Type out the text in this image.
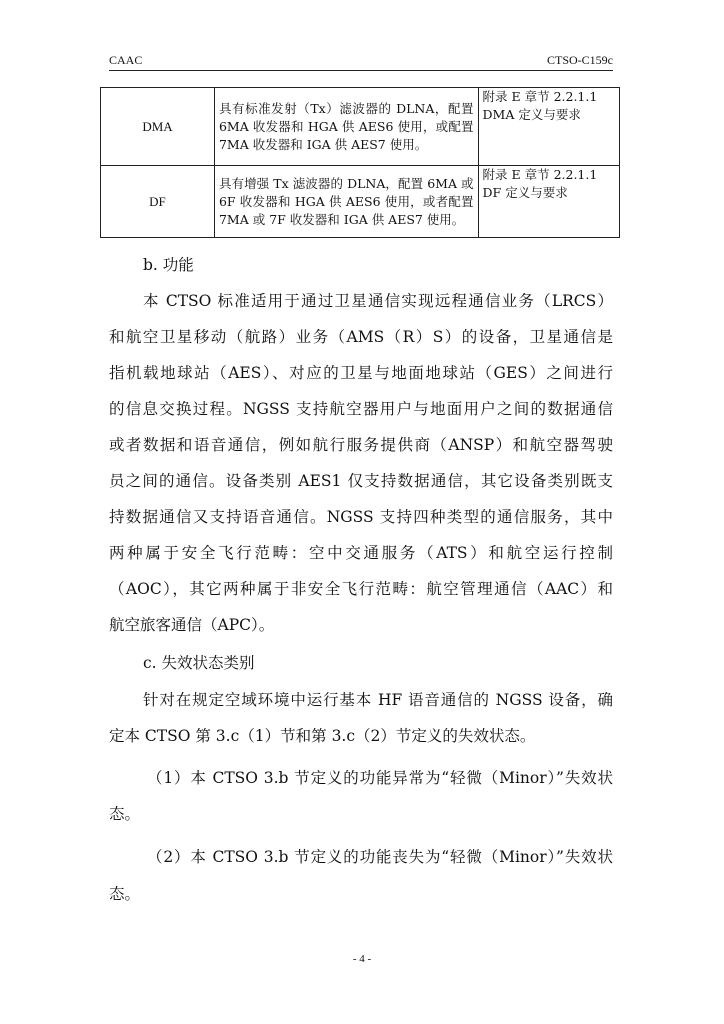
CAAC	CTSO-C159c
DMA	具有标准发射（Tx）滤波器的 DLNA，配置 6MA 收发器和 HGA 供 AES6 使用，或配置 7MA 收发器和 IGA 供 AES7 使用。	附录 E 章节 2.2.1.1 DMA 定义与要求
DF	具有增强 Tx 滤波器的 DLNA，配置 6MA 或 6F 收发器和 HGA 供 AES6 使用，或者配置 7MA 或 7F 收发器和 IGA 供 AES7 使用。	附录 E 章节 2.2.1.1 DF 定义与要求
b. 功能
本 CTSO 标准适用于通过卫星通信实现远程通信业务（LRCS）
和航空卫星移动（航路）业务（AMS（R）S）的设备，卫星通信是
指机载地球站（AES）、对应的卫星与地面地球站（GES）之间进行
的信息交换过程。NGSS 支持航空器用户与地面用户之间的数据通信
或者数据和语音通信，例如航行服务提供商（ANSP）和航空器驾驶
员之间的通信。设备类别 AES1 仅支持数据通信，其它设备类别既支
持数据通信又支持语音通信。NGSS 支持四种类型的通信服务，其中
两种属于安全飞行范畴：空中交通服务（ATS）和航空运行控制
（AOC），其它两种属于非安全飞行范畴：航空管理通信（AAC）和
航空旅客通信（APC）。
c. 失效状态类别
针对在规定空域环境中运行基本 HF 语音通信的 NGSS 设备，确
定本 CTSO 第 3.c（1）节和第 3.c（2）节定义的失效状态。
（1）本 CTSO 3.b 节定义的功能异常为“轻微（Minor）”失效状
态。
（2）本 CTSO 3.b 节定义的功能丧失为“轻微（Minor）”失效状
态。
- 4 -
